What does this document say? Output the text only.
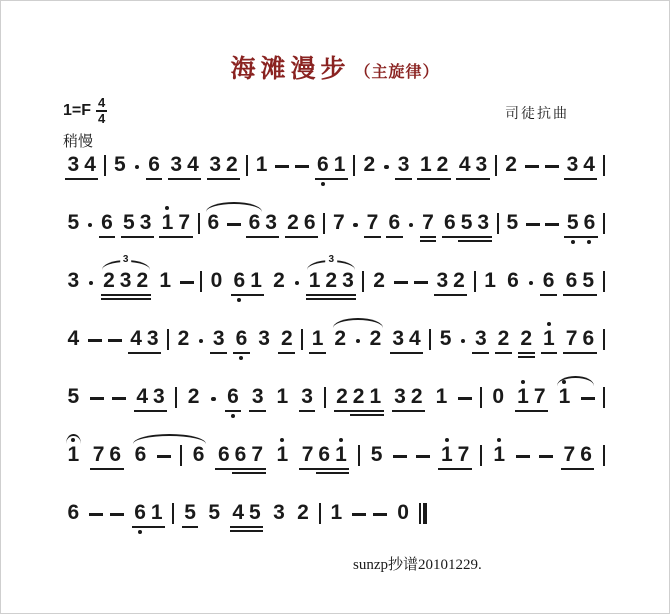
海滩漫步 （主旋律）
$1=F \frac{4}{4}$	司徒抗曲
稍慢
3 4 5 6 3 4 3 2 1 6 1 2 3 1 2 4 3 2 3 4
5 6 5 3 1 7 6 6 3 2 6 7 7 6 7 6 5 3 5 5 6
3 2 3 2 1 0 6 1 2 1 2 3 2 3 2 1 6 6 6 5
3	3
4 4 3 2 3 6 3 2 1 2 2 3 4 5 3 2 2 1 7 6
5	4 3 2 6 3 1 3 2 2 1 3 2 1 0 1 7 1
1 7 6 6 6 6 6 7 1 7 6 1 5	1 7 1	7 6
6	6 1 5 5 4 5 3 2 1	0
sunzp抄谱20101229.
